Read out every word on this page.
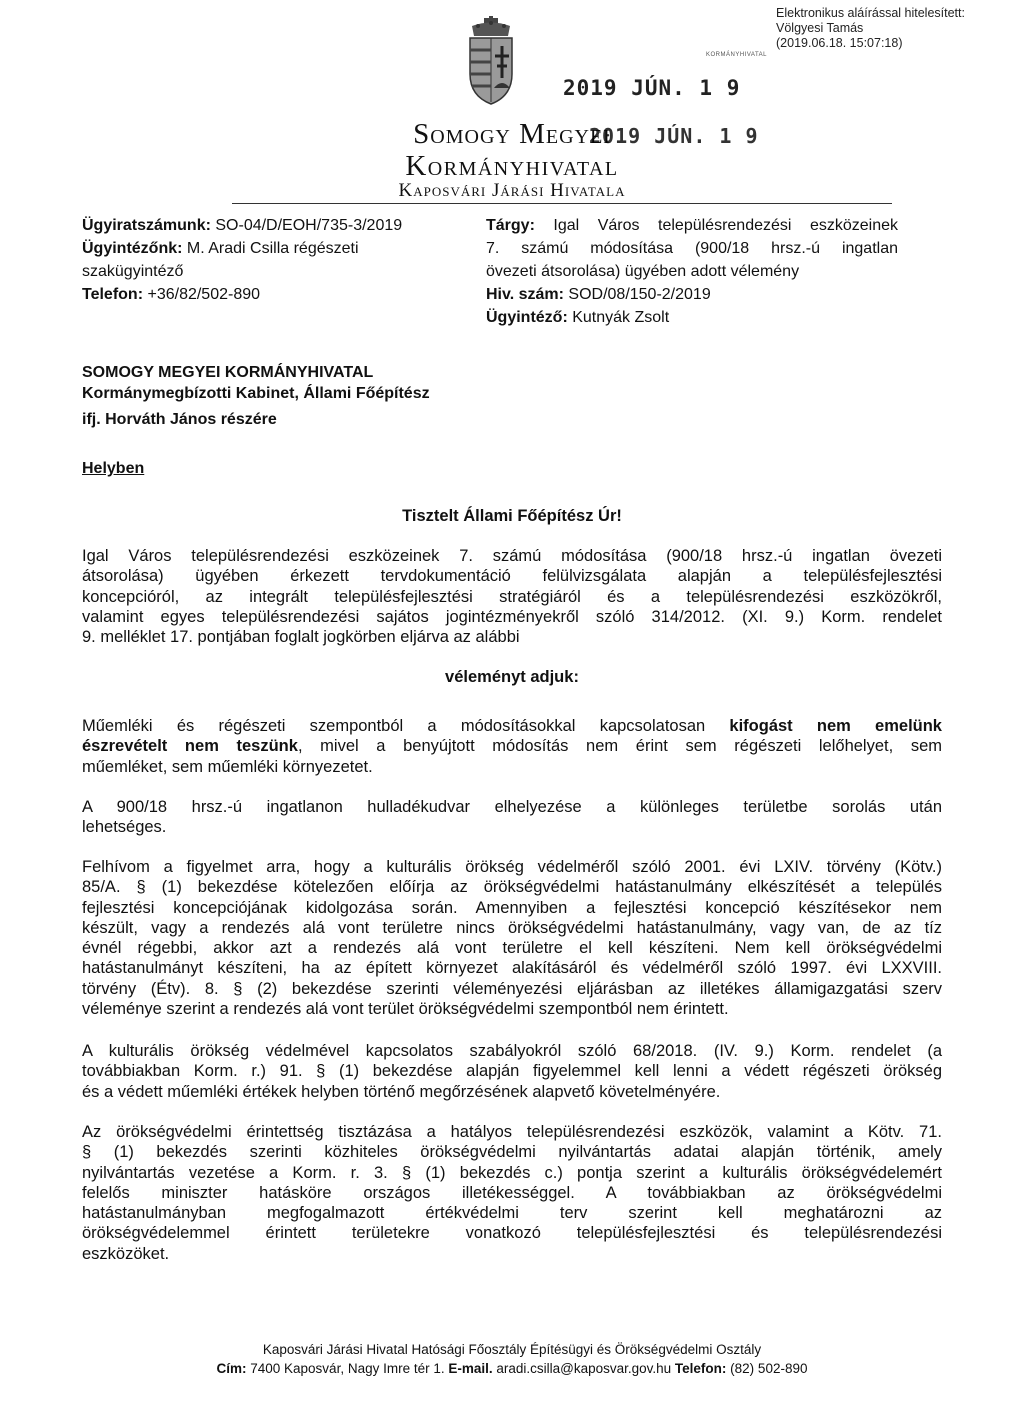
Elektronikus aláírással hitelesített:
Völgyesi Tamás
(2019.06.18. 15:07:18)
KORMÁNYHIVATAL
2019 JÚN. 1 9
Somogy Megyei
2019 JÚN. 1 9
Kormányhivatal
Kaposvári Járási Hivatala
Ügyiratszámunk: SO-04/D/EOH/735-3/2019
Ügyintézőnk: M. Aradi Csilla régészeti
szakügyintéző
Telefon: +36/82/502-890
Tárgy: Igal Város településrendezési eszközeinek
7. számú módosítása (900/18 hrsz.-ú ingatlan
övezeti átsorolása) ügyében adott vélemény
Hiv. szám: SOD/08/150-2/2019
Ügyintéző: Kutnyák Zsolt
SOMOGY MEGYEI KORMÁNYHIVATAL
Kormánymegbízotti Kabinet, Állami Főépítész
ifj. Horváth János részére
Helyben
Tisztelt Állami Főépítész Úr!
Igal Város településrendezési eszközeinek 7. számú módosítása (900/18 hrsz.-ú ingatlan övezeti
átsorolása) ügyében érkezett tervdokumentáció felülvizsgálata alapján a településfejlesztési
koncepcióról, az integrált településfejlesztési stratégiáról és a településrendezési eszközökről,
valamint egyes településrendezési sajátos jogintézményekről szóló 314/2012. (XI. 9.) Korm. rendelet
9. melléklet 17. pontjában foglalt jogkörben eljárva az alábbi
véleményt adjuk:
Műemléki és régészeti szempontból a módosításokkal kapcsolatosan kifogást nem emelünk
észrevételt nem teszünk, mivel a benyújtott módosítás nem érint sem régészeti lelőhelyet, sem
műemléket, sem műemléki környezetet.
A 900/18 hrsz.-ú ingatlanon hulladékudvar elhelyezése a különleges területbe sorolás után
lehetséges.
Felhívom a figyelmet arra, hogy a kulturális örökség védelméről szóló 2001. évi LXIV. törvény (Kötv.)
85/A. § (1) bekezdése kötelezően előírja az örökségvédelmi hatástanulmány elkészítését a település
fejlesztési koncepciójának kidolgozása során. Amennyiben a fejlesztési koncepció készítésekor nem
készült, vagy a rendezés alá vont területre nincs örökségvédelmi hatástanulmány, vagy van, de az tíz
évnél régebbi, akkor azt a rendezés alá vont területre el kell készíteni. Nem kell örökségvédelmi
hatástanulmányt készíteni, ha az épített környezet alakításáról és védelméről szóló 1997. évi LXXVIII.
törvény (Étv). 8. § (2) bekezdése szerinti véleményezési eljárásban az illetékes államigazgatási szerv
véleménye szerint a rendezés alá vont terület örökségvédelmi szempontból nem érintett.
A kulturális örökség védelmével kapcsolatos szabályokról szóló 68/2018. (IV. 9.) Korm. rendelet (a
továbbiakban Korm. r.) 91. § (1) bekezdése alapján figyelemmel kell lenni a védett régészeti örökség
és a védett műemléki értékek helyben történő megőrzésének alapvető követelményére.
Az örökségvédelmi érintettség tisztázása a hatályos településrendezési eszközök, valamint a Kötv. 71.
§ (1) bekezdés szerinti közhiteles örökségvédelmi nyilvántartás adatai alapján történik, amely
nyilvántartás vezetése a Korm. r. 3. § (1) bekezdés c.) pontja szerint a kulturális örökségvédelemért
felelős miniszter hatásköre országos illetékességgel. A továbbiakban az örökségvédelmi
hatástanulmányban megfogalmazott értékvédelmi terv szerint kell meghatározni az
örökségvédelemmel érintett területekre vonatkozó településfejlesztési és településrendezési
eszközöket.
Kaposvári Járási Hivatal Hatósági Főosztály Építésügyi és Örökségvédelmi Osztály
Cím: 7400 Kaposvár, Nagy Imre tér 1. E-mail. aradi.csilla@kaposvar.gov.hu Telefon: (82) 502-890
